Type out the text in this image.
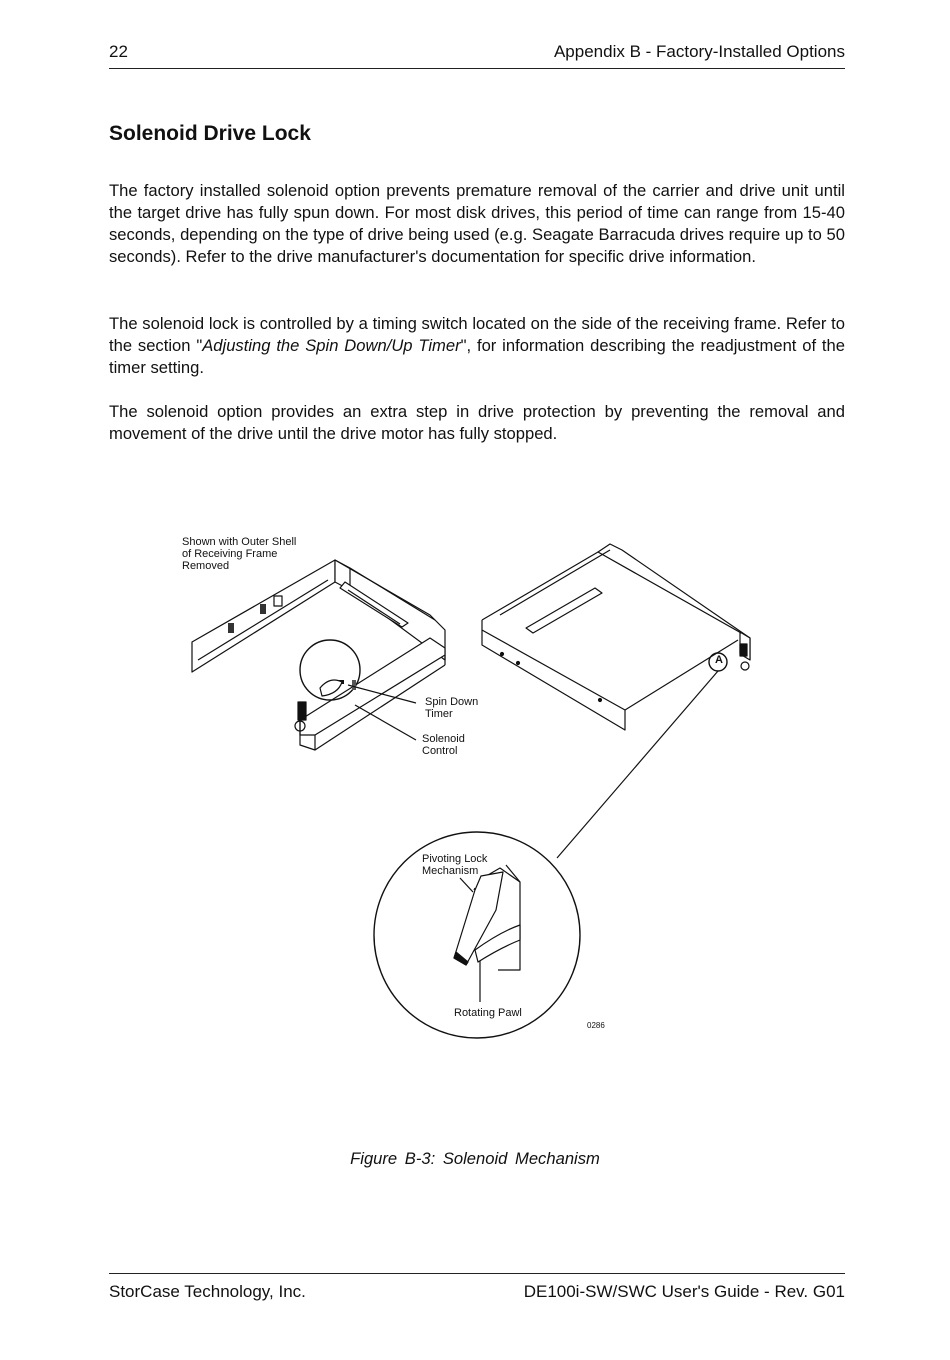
22	Appendix B - Factory-Installed Options
Solenoid Drive Lock

The factory installed solenoid option prevents premature removal of the carrier and drive unit until the target drive has fully spun down. For most disk drives, this period of time can range from 15-40 seconds, depending on the type of drive being used (e.g. Seagate Barracuda drives require up to 50 seconds). Refer to the drive manufacturer's documentation for specific drive information.

The solenoid lock is controlled by a timing switch located on the side of the receiving frame. Refer to the section "Adjusting the Spin Down/Up Timer", for information describing the readjustment of the timer setting.

The solenoid option provides an extra step in drive protection by preventing the removal and movement of the drive until the drive motor has fully stopped.

Shown with Outer Shell
of Receiving Frame
Removed
Spin Down
Timer
Solenoid
Control
A
Pivoting Lock
Mechanism
Rotating Pawl
0286
Figure B-3: Solenoid Mechanism
StorCase Technology, Inc.	DE100i-SW/SWC User's Guide - Rev. G01
